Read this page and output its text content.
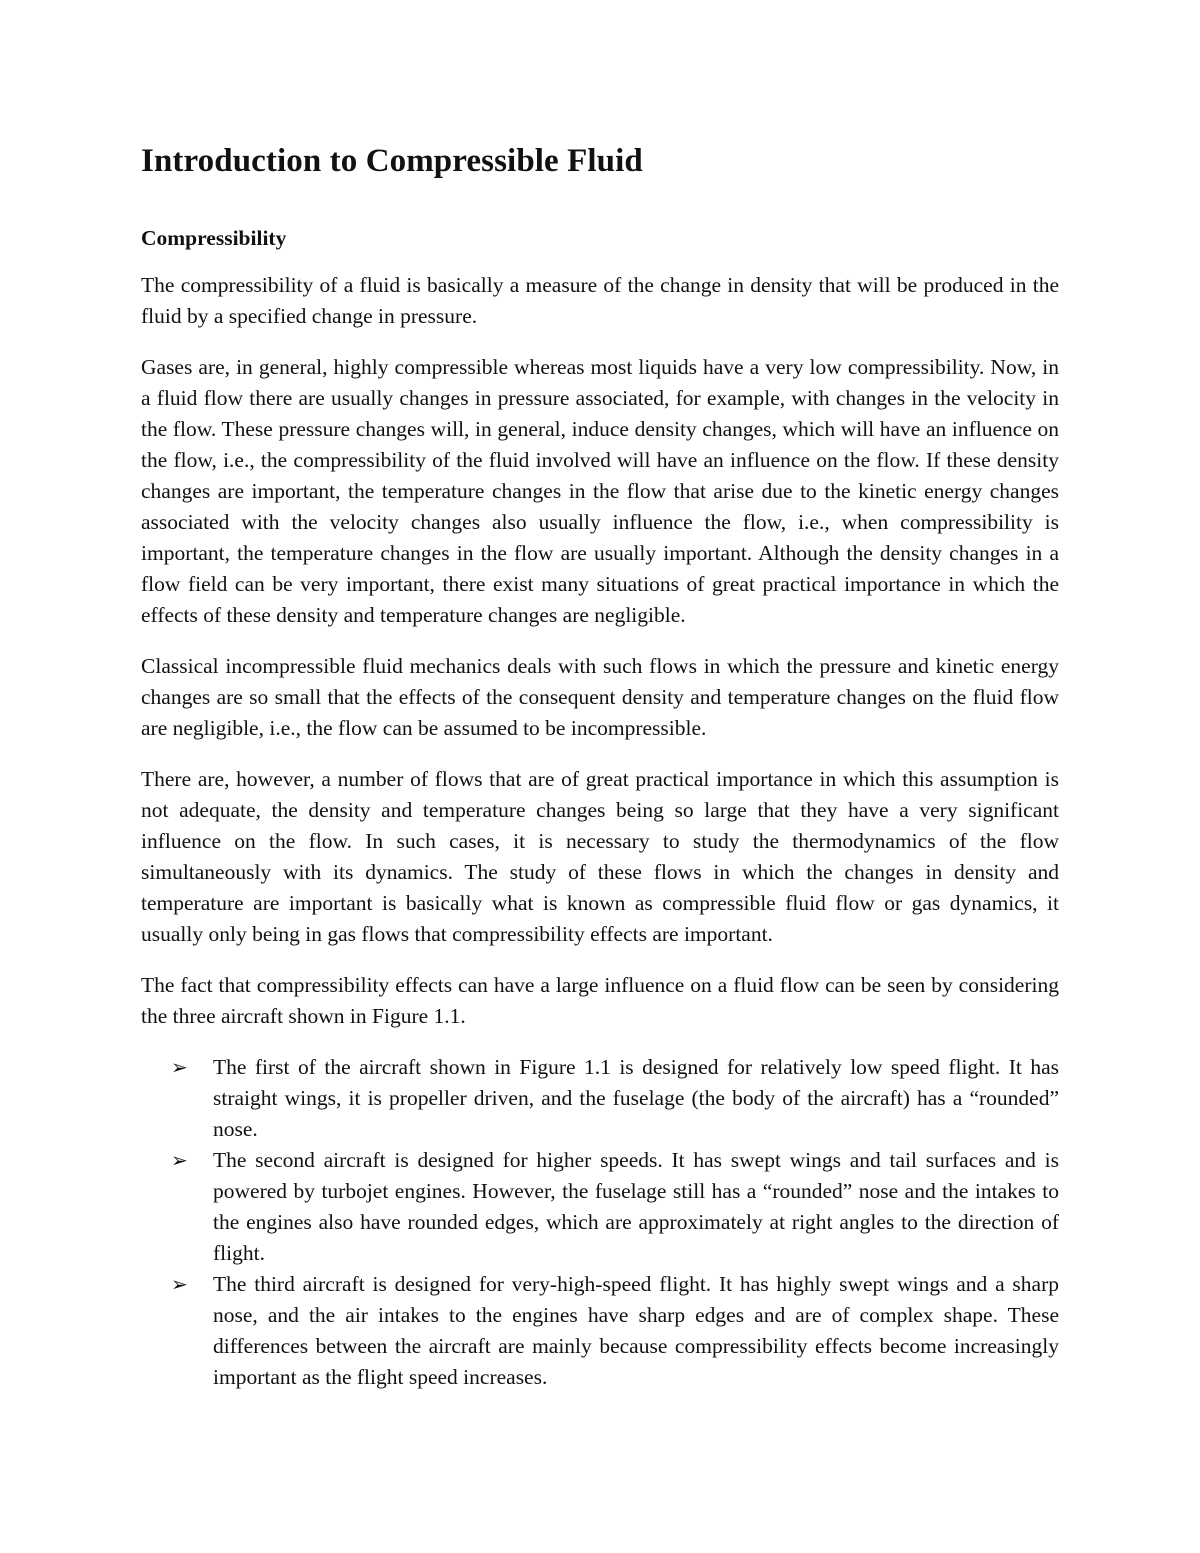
Introduction to Compressible Fluid
Compressibility

The compressibility of a fluid is basically a measure of the change in density that will be produced in the fluid by a specified change in pressure.

Gases are, in general, highly compressible whereas most liquids have a very low compressibility. Now, in a fluid flow there are usually changes in pressure associated, for example, with changes in the velocity in the flow. These pressure changes will, in general, induce density changes, which will have an influence on the flow, i.e., the compressibility of the fluid involved will have an influence on the flow. If these density changes are important, the temperature changes in the flow that arise due to the kinetic energy changes associated with the velocity changes also usually influence the flow, i.e., when compressibility is important, the temperature changes in the flow are usually important. Although the density changes in a flow field can be very important, there exist many situations of great practical importance in which the effects of these density and temperature changes are negligible.

Classical incompressible fluid mechanics deals with such flows in which the pressure and kinetic energy changes are so small that the effects of the consequent density and temperature changes on the fluid flow are negligible, i.e., the flow can be assumed to be incompressible.

There are, however, a number of flows that are of great practical importance in which this assumption is not adequate, the density and temperature changes being so large that they have a very significant influence on the flow. In such cases, it is necessary to study the thermodynamics of the flow simultaneously with its dynamics. The study of these flows in which the changes in density and temperature are important is basically what is known as compressible fluid flow or gas dynamics, it usually only being in gas flows that compressibility effects are important.

The fact that compressibility effects can have a large influence on a fluid flow can be seen by considering the three aircraft shown in Figure 1.1.

➢ The first of the aircraft shown in Figure 1.1 is designed for relatively low speed flight. It has straight wings, it is propeller driven, and the fuselage (the body of the aircraft) has a “rounded” nose.
➢ The second aircraft is designed for higher speeds. It has swept wings and tail surfaces and is powered by turbojet engines. However, the fuselage still has a “rounded” nose and the intakes to the engines also have rounded edges, which are approximately at right angles to the direction of flight.
➢ The third aircraft is designed for very-high-speed flight. It has highly swept wings and a sharp nose, and the air intakes to the engines have sharp edges and are of complex shape. These differences between the aircraft are mainly because compressibility effects become increasingly important as the flight speed increases.
